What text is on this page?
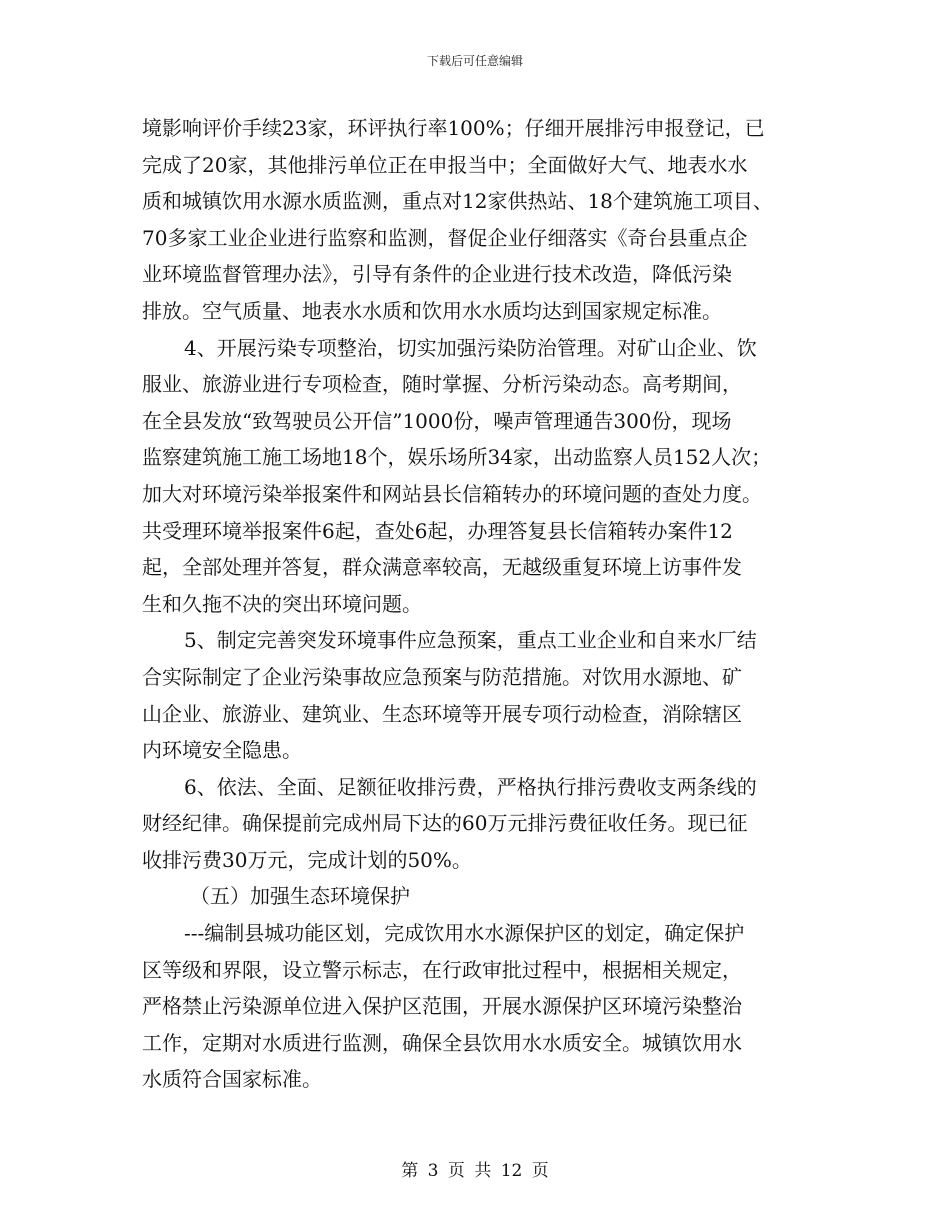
下载后可任意编辑
境影响评价手续23家，环评执行率100%；仔细开展排污申报登记，已
完成了20家，其他排污单位正在申报当中；全面做好大气、地表水水
质和城镇饮用水源水质监测，重点对12家供热站、18个建筑施工项目、
70多家工业企业进行监察和监测，督促企业仔细落实《奇台县重点企
业环境监督管理办法》，引导有条件的企业进行技术改造，降低污染
排放。空气质量、地表水水质和饮用水水质均达到国家规定标准。
4、开展污染专项整治，切实加强污染防治管理。对矿山企业、饮
服业、旅游业进行专项检查，随时掌握、分析污染动态。高考期间，
在全县发放“致驾驶员公开信”1000份，噪声管理通告300份，现场
监察建筑施工施工场地18个，娱乐场所34家，出动监察人员152人次；
加大对环境污染举报案件和网站县长信箱转办的环境问题的查处力度。
共受理环境举报案件6起，查处6起，办理答复县长信箱转办案件12
起，全部处理并答复，群众满意率较高，无越级重复环境上访事件发
生和久拖不决的突出环境问题。
5、制定完善突发环境事件应急预案，重点工业企业和自来水厂结
合实际制定了企业污染事故应急预案与防范措施。对饮用水源地、矿
山企业、旅游业、建筑业、生态环境等开展专项行动检查，消除辖区
内环境安全隐患。
6、依法、全面、足额征收排污费，严格执行排污费收支两条线的
财经纪律。确保提前完成州局下达的60万元排污费征收任务。现已征
收排污费30万元，完成计划的50%。
（五）加强生态环境保护
---编制县城功能区划，完成饮用水水源保护区的划定，确定保护
区等级和界限，设立警示标志，在行政审批过程中，根据相关规定，
严格禁止污染源单位进入保护区范围，开展水源保护区环境污染整治
工作，定期对水质进行监测，确保全县饮用水水质安全。城镇饮用水
水质符合国家标准。
第 3 页 共 12 页
